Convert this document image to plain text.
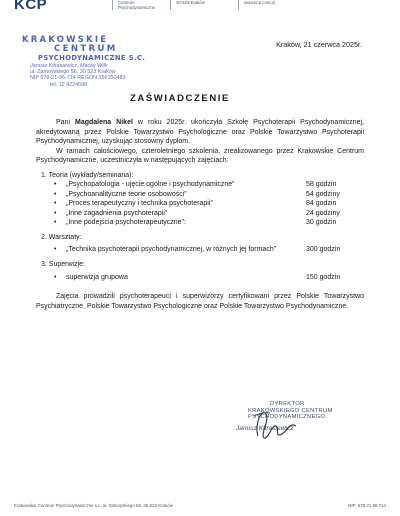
KCP	Centrum
Psychodynamiczne
30-523 Kraków	www.kcp.com.pl
KRAKOWSKIE
CENTRUM
PSYCHODYNAMICZNE S.C.
Janusz Kitrasiewicz, Maciej Wilk
ul. Zamoyskiego 56, 30 523 Kraków
NIP 678-21-96-714 REGON 356150483
tel. 12 4224698
Kraków, 21 czerwca 2025r.
ZAŚWIADCZENIE

Pani Magdalena Nikel w roku 2025r. ukończyła Szkołę Psychoterapii Psychodynamicznej, akredytowaną przez Polskie Towarzystwo Psychologiczne oraz Polskie Towarzystwo Psychoterapii Psychodynamicznej, uzyskując stosowny dyplom.

W ramach całościowego, czteroletniego szkolenia, zrealizowanego przez Krakowskie Centrum Psychodynamiczne, uczestniczyła w następujących zajęciach:

1. Teoria (wykłady/seminaria):
• „Psychopatologia - ujęcie ogólne i psychodynamiczne”	58 godzin
• „Psychoanalityczne teorie osobowości”	54 godziny
• „Proces terapeutyczny i technika psychoterapii”	84 godzin
• „Inne zagadnienia psychoterapii”	24 godziny
• „Inne podejścia psychoterapeutyczne”:	30 godzin
2. Warsztaty:
• „Technika psychoterapii psychodynamicznej, w różnych jej formach”	300 godzin
3. Superwizje:
• superwizja grupowa	150 godzin

Zajęcia prowadzili psychoterapeuci i superwizorzy certyfikowani przez Polskie Towarzystwo Psychiatryczne, Polskie Towarzystwo Psychologiczne oraz Polskie Towarzystwo Psychodynamiczne.

DYREKTOR
KRAKOWSKIEGO CENTRUM
PSYCHODYNAMICZNEGO
Janusz Kitrasiewicz
Krakowskie Centrum Psychodynamiczne s.c. ul. Zamoyskiego 56, 30-523 Kraków	NIP: 678 21 96 714
